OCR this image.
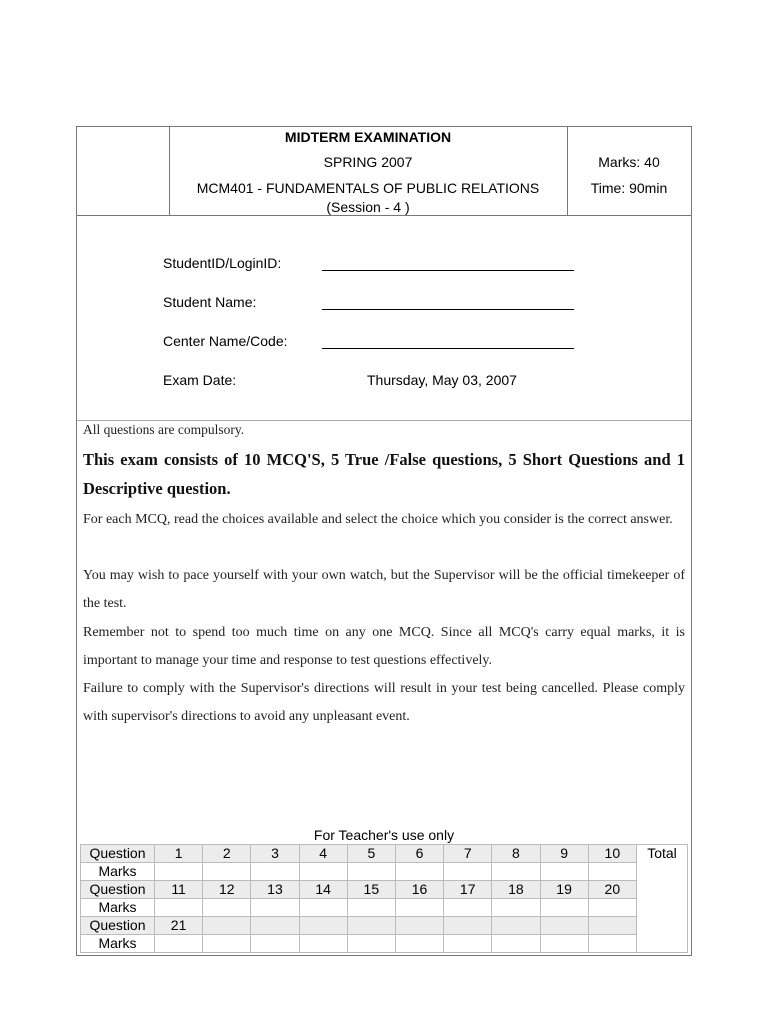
MIDTERM EXAMINATION
SPRING 2007
MCM401 - FUNDAMENTALS OF PUBLIC RELATIONS
(Session - 4 )
Marks: 40
Time: 90min
StudentID/LoginID:
Student Name:
Center Name/Code:
Exam Date:	Thursday, May 03, 2007
All questions are compulsory.
This exam consists of 10 MCQ'S, 5 True /False questions, 5 Short Questions and 1 Descriptive question.
For each MCQ, read the choices available and select the choice which you consider is the correct answer.
You may wish to pace yourself with your own watch, but the Supervisor will be the official timekeeper of the test.
Remember not to spend too much time on any one MCQ. Since all MCQ's carry equal marks, it is important to manage your time and response to test questions effectively.
Failure to comply with the Supervisor's directions will result in your test being cancelled. Please comply with supervisor's directions to avoid any unpleasant event.
For Teacher's use only
Question	1	2	3	4	5	6	7	8	9	10	Total
Marks											
Question	11	12	13	14	15	16	17	18	19	20	
Marks											
Question	21										
Marks											
